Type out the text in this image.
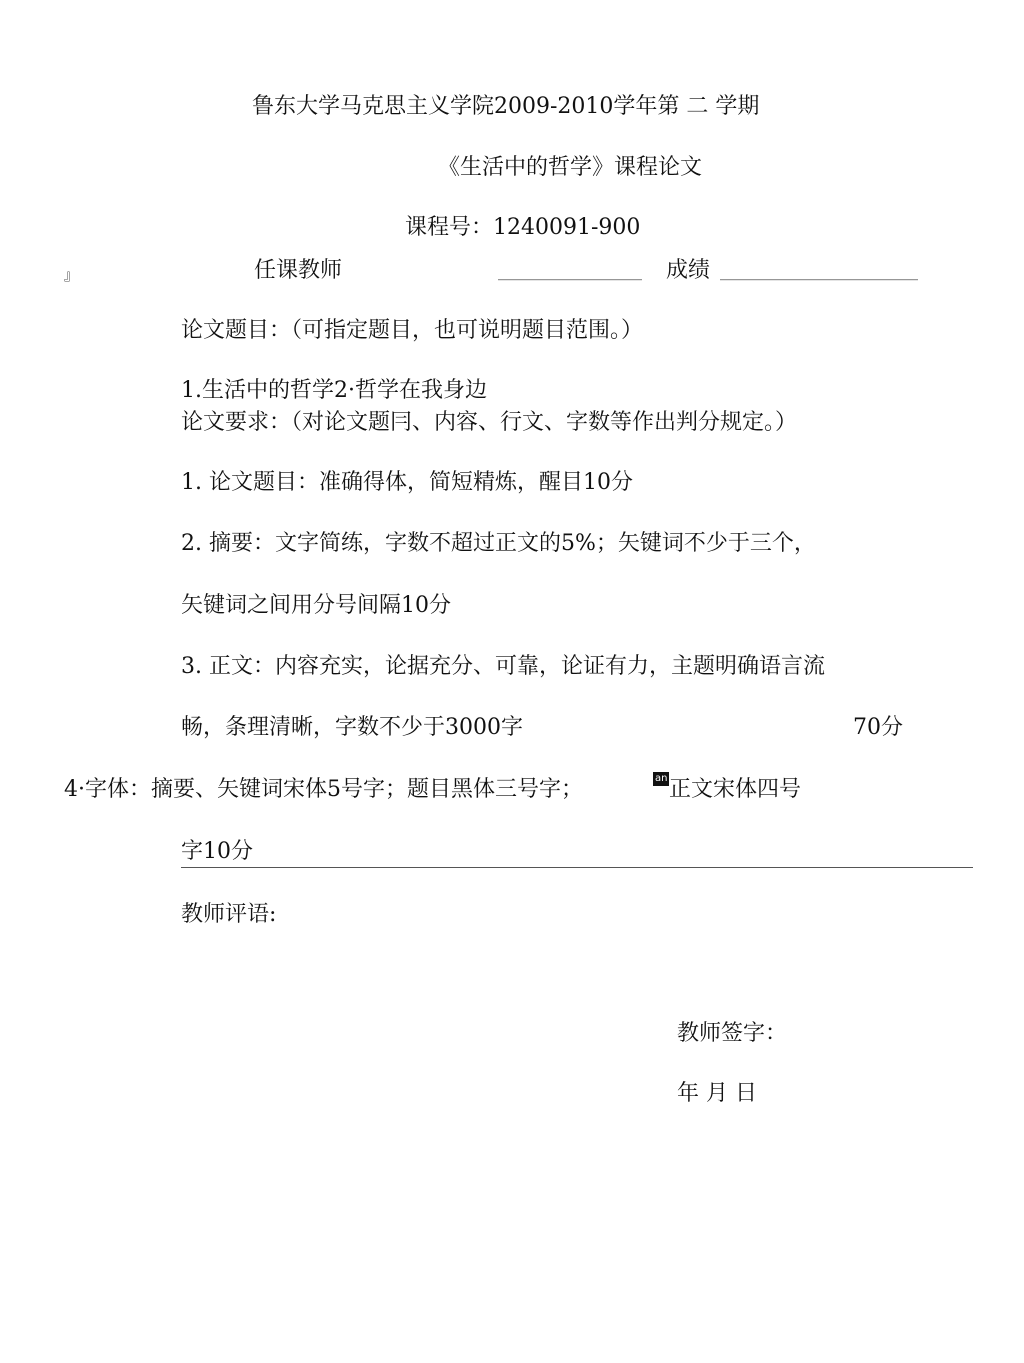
鲁东大学马克思主义学院2009-2010学年第 二 学期
《生活中的哲学》课程论文
课程号：1240091-900
』	任课教师	________________ 成绩 ______________________
论文题目：（可指定题目，也可说明题目范围。）
1.生活中的哲学2·哲学在我身边
论文要求：（对论文题冃、内容、行文、字数等作出判分规定。）
1. 论文题目：准确得体，简短精炼，醒目10分
2. 摘要：文字简练，字数不超过正文的5%；矢键词不少于三个，
矢键词之间用分号间隔10分
3. 正文：内容充实，论据充分、可靠，论证有力，主题明确语言流
畅，条理清晰，字数不少于3000字	70分
4·字体：摘要、矢键词宋体5号字；题目黑体三号字；	an 正文宋体四号
字10分
教师评语:
教师签字：
年 月 日
